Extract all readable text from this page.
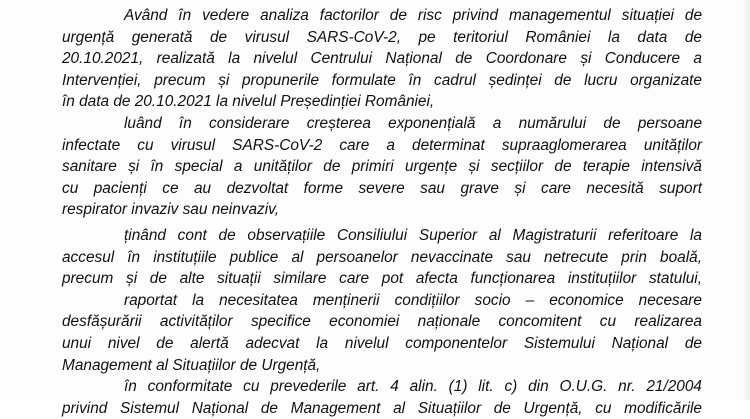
Având în vedere analiza factorilor de risc privind managementul situației de
urgență generată de virusul SARS-CoV-2, pe teritoriul României la data de
20.10.2021, realizată la nivelul Centrului Național de Coordonare și Conducere a
Intervenției, precum și propunerile formulate în cadrul ședinței de lucru organizate
în data de 20.10.2021 la nivelul Președinției României,
luând în considerare creșterea exponențială a numărului de persoane
infectate cu virusul SARS-CoV-2 care a determinat supraaglomerarea unităților
sanitare și în special a unităților de primiri urgențe și secțiilor de terapie intensivă
cu pacienți ce au dezvoltat forme severe sau grave și care necesită suport
respirator invaziv sau neinvaziv,
ținând cont de observațiile Consiliului Superior al Magistraturii referitoare la
accesul în instituțiile publice al persoanelor nevaccinate sau netrecute prin boală,
precum și de alte situații similare care pot afecta funcționarea instituțiilor statului,
raportat la necesitatea menținerii condițiilor socio – economice necesare
desfășurării activităților specifice economiei naționale concomitent cu realizarea
unui nivel de alertă adecvat la nivelul componentelor Sistemului Național de
Management al Situațiilor de Urgență,
în conformitate cu prevederile art. 4 alin. (1) lit. c) din O.U.G. nr. 21/2004
privind Sistemul Național de Management al Situațiilor de Urgență, cu modificările
